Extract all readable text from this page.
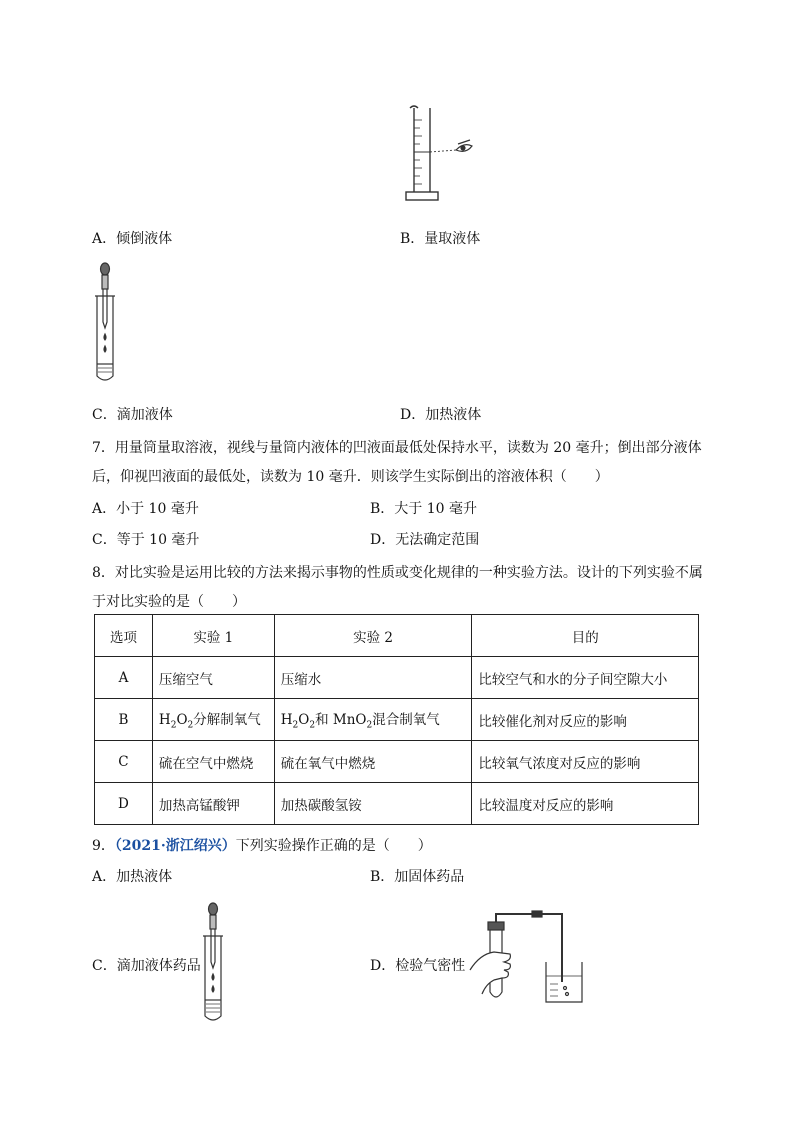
A．倾倒液体	B．量取液体
C．滴加液体	D．加热液体
7．用量筒量取溶液，视线与量筒内液体的凹液面最低处保持水平，读数为 20 毫升；倒出部分液体
后，仰视凹液面的最低处，读数为 10 毫升．则该学生实际倒出的溶液体积（　　）
A．小于 10 毫升	B．大于 10 毫升
C．等于 10 毫升	D．无法确定范围
8．对比实验是运用比较的方法来揭示事物的性质或变化规律的一种实验方法。设计的下列实验不属
于对比实验的是（　　）
选项	实验 1	实验 2	目的
A	压缩空气	压缩水	比较空气和水的分子间空隙大小
B	$H_2O_2$分解制氧气	$H_2O_2$和 MnO$_2$混合制氧气	比较催化剂对反应的影响
C	硫在空气中燃烧	硫在氧气中燃烧	比较氧气浓度对反应的影响
D	加热高锰酸钾	加热碳酸氢铵	比较温度对反应的影响
9．（2021·浙江绍兴）下列实验操作正确的是（　　）
A．加热液体	B．加固体药品
C．滴加液体药品	D．检验气密性
